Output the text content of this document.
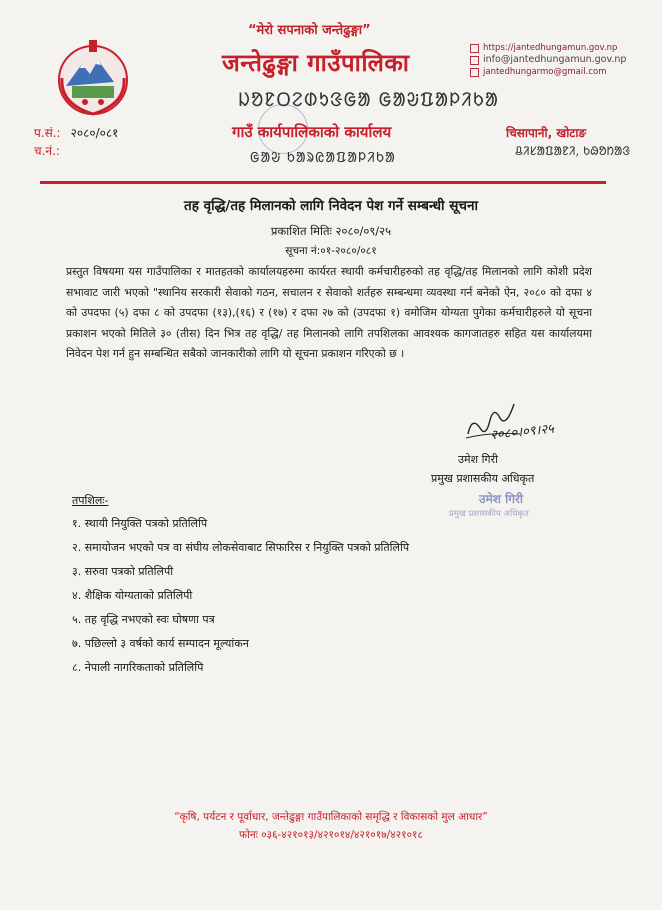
“मेरो सपनाको जन्तेढुङ्गा”
जन्तेढुङ्गा गाउँपालिका
ᱡᱚᱱᱛᱮᱰᱩᱝᱜᱟ ᱜᱟᱶᱯᱟᱞᱤᱠᱟ
गाउँ कार्यपालिकाको कार्यालय
ᱜᱟᱶ ᱠᱟᱨᱭᱟᱯᱟᱞᱤᱠᱟ
https://jantedhungamun.gov.np
info@jantedhungamun.gov.np
jantedhungarmo@gmail.com
प.सं.: २०८०/०८१
च.नं.:
चिसापानी, खोटाङ
ᱪᱤᱥᱟᱯᱟᱱᱤ, ᱠᱷᱚᱴᱟᱝ
तह वृद्धि/तह मिलानको लागि निवेदन पेश गर्ने सम्बन्धी सूचना
प्रकाशित मितिः २०८०/०९/२५
सूचना नं:०१-२०८०/०८१
प्रस्तुत विषयमा यस गाउँपालिका र मातहतको कार्यालयहरुमा कार्यरत स्थायी कर्मचारीहरुको तह वृद्धि/तह मिलानको लागि कोशी प्रदेश सभावाट जारी भएको "स्थानिय सरकारी सेवाको गठन, सचालन र सेवाको शर्तहरु सम्बन्धमा व्यवस्था गर्न बनेको ऐन, २०८० को दफा ४ को उपदफा (५) दफा ८ को उपदफा (१३),(१६) र (१७) र दफा २७ को (उपदफा १) वमोजिम योग्यता पुगेका कर्मचारीहरुले यो सूचना प्रकाशन भएको मितिले ३० (तीस) दिन भित्र तह वृद्धि/ तह मिलानको लागि तपशिलका आवश्यक कागजातहरु सहित यस कार्यालयमा निवेदन पेश गर्न हुन सम्बन्धित सबैको जानकारीको लागि यो सूचना प्रकाशन गरिएको छ ।
२०८०।०९।२५
उमेश गिरी
प्रमुख प्रशासकीय अधिकृत
उमेश गिरी
प्रमुख प्रशासकीय अधिकृत
तपशिलः-
१. स्थायी नियुक्ति पत्रको प्रतिलिपि
२. समायोजन भएको पत्र वा संघीय लोकसेवाबाट सिफारिस र नियुक्ति पत्रको प्रतिलिपि
३. सरुवा पत्रको प्रतिलिपी
४. शैक्षिक योग्यताको प्रतिलिपी
५. तह वृद्धि नभएको स्वः घोषणा पत्र
७. पछिल्लो ३ वर्षको कार्य सम्पादन मूल्यांकन
८. नेपाली नागरिकताको प्रतिलिपि
“कृषि, पर्यटन र पूर्वाधार, जन्तेढुङ्गा गाउँपालिकाको समृद्धि र विकासको मुल आधार”
फोनः ०३६-४२१०१३/४२१०१४/४२१०१७/४२१०१८
